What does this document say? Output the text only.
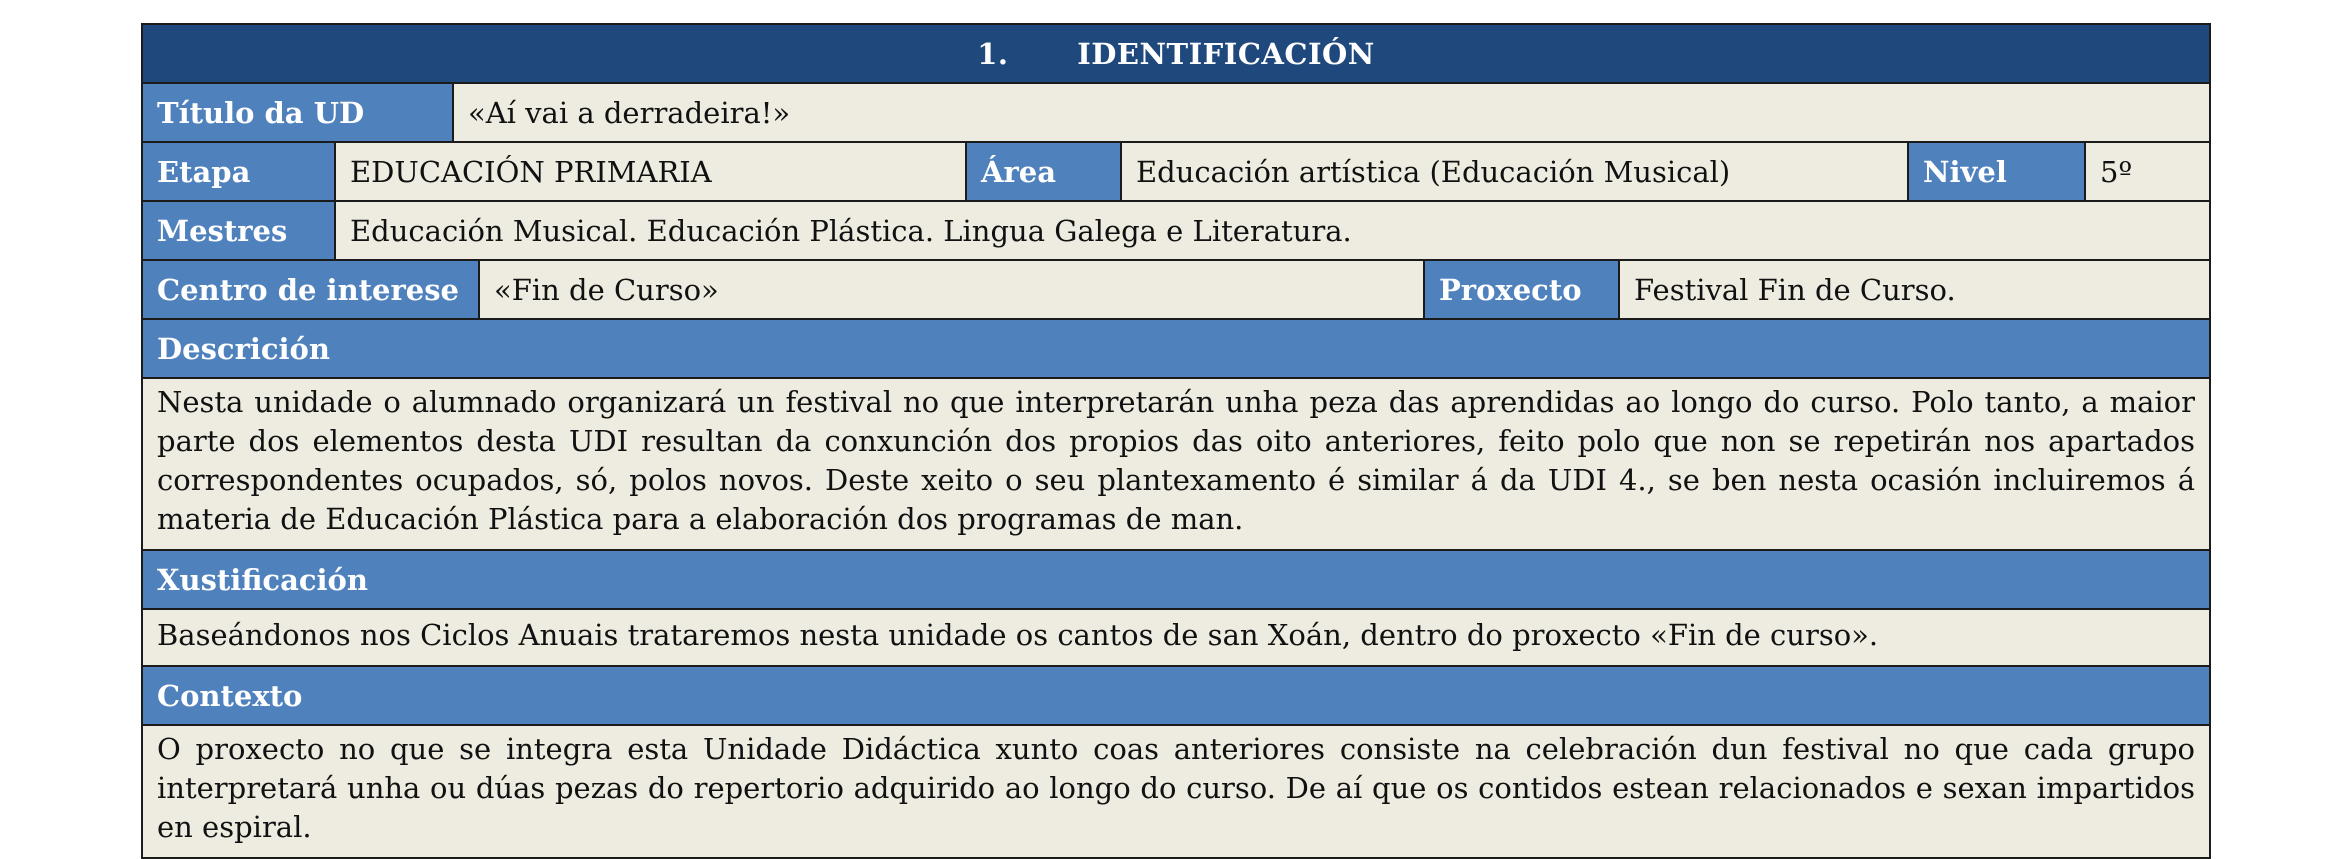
1.	IDENTIFICACIÓN
Título da UD	«Aí vai a derradeira!»
Etapa	EDUCACIÓN PRIMARIA	Área	Educación artística (Educación Musical)	Nivel	5º
Mestres	Educación Musical. Educación Plástica. Lingua Galega e Literatura.
Centro de interese	«Fin de Curso»	Proxecto	Festival Fin de Curso.
Descrición
Nesta unidade o alumnado organizará un festival no que interpretarán unha peza das aprendidas ao longo do curso. Polo tanto, a maior parte dos elementos desta UDI resultan da conxunción dos propios das oito anteriores, feito polo que non se repetirán nos apartados correspondentes ocupados, só, polos novos. Deste xeito o seu plantexamento é similar á da UDI 4., se ben nesta ocasión incluiremos á materia de Educación Plástica para a elaboración dos programas de man.
Xustificación
Baseándonos nos Ciclos Anuais trataremos nesta unidade os cantos de san Xoán, dentro do proxecto «Fin de curso».
Contexto
O proxecto no que se integra esta Unidade Didáctica xunto coas anteriores consiste na celebración dun festival no que cada grupo interpretará unha ou dúas pezas do repertorio adquirido ao longo do curso. De aí que os contidos estean relacionados e sexan impartidos en espiral.
